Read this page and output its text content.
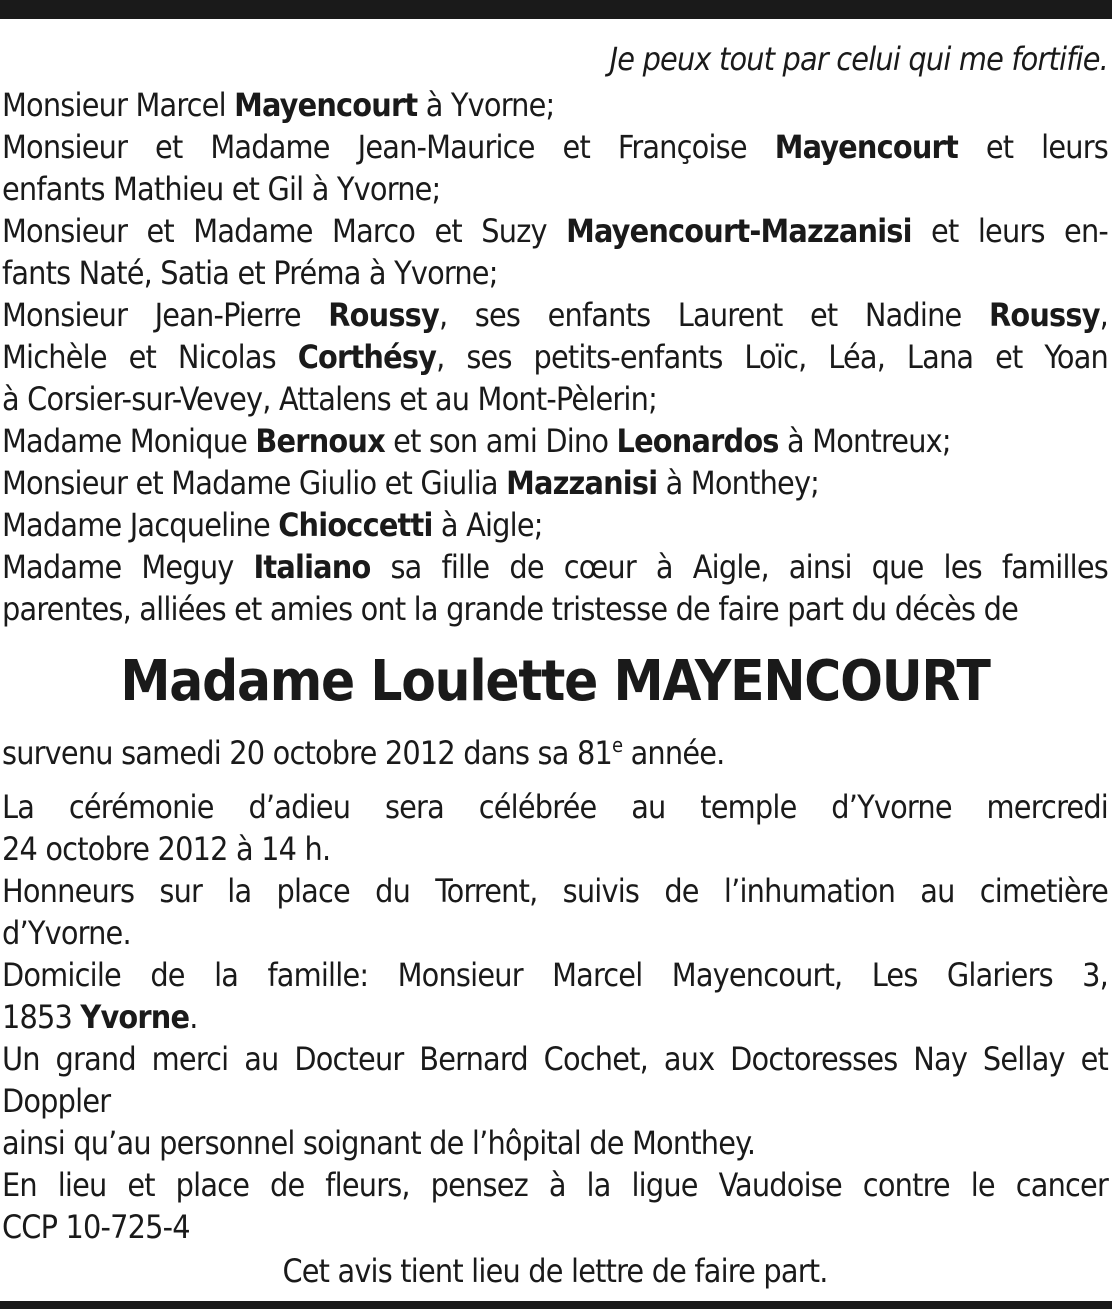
Je peux tout par celui qui me fortifie.
Monsieur Marcel Mayencourt à Yvorne;
Monsieur et Madame Jean-Maurice et Françoise Mayencourt et leurs
enfants Mathieu et Gil à Yvorne;
Monsieur et Madame Marco et Suzy Mayencourt-Mazzanisi et leurs en-
fants Naté, Satia et Préma à Yvorne;
Monsieur Jean-Pierre Roussy, ses enfants Laurent et Nadine Roussy,
Michèle et Nicolas Corthésy, ses petits-enfants Loïc, Léa, Lana et Yoan
à Corsier-sur-Vevey, Attalens et au Mont-Pèlerin;
Madame Monique Bernoux et son ami Dino Leonardos à Montreux;
Monsieur et Madame Giulio et Giulia Mazzanisi à Monthey;
Madame Jacqueline Chioccetti à Aigle;
Madame Meguy Italiano sa fille de cœur à Aigle, ainsi que les familles
parentes, alliées et amies ont la grande tristesse de faire part du décès de
Madame Loulette MAYENCOURT
survenu samedi 20 octobre 2012 dans sa 81e année.
La cérémonie d’adieu sera célébrée au temple d’Yvorne mercredi
24 octobre 2012 à 14 h.
Honneurs sur la place du Torrent, suivis de l’inhumation au cimetière
d’Yvorne.
Domicile de la famille: Monsieur Marcel Mayencourt, Les Glariers 3,
1853 Yvorne.
Un grand merci au Docteur Bernard Cochet, aux Doctoresses Nay Sellay et
Doppler
ainsi qu’au personnel soignant de l’hôpital de Monthey.
En lieu et place de fleurs, pensez à la ligue Vaudoise contre le cancer
CCP 10-725-4
Cet avis tient lieu de lettre de faire part.
